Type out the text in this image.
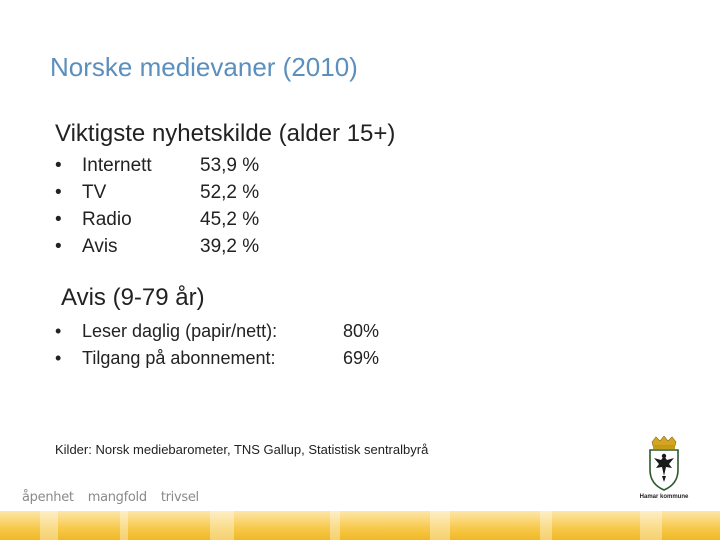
Norske medievaner (2010)
Viktigste nyhetskilde (alder 15+)
•	Internett	53,9 %
•	TV	52,2 %
•	Radio	45,2 %
•	Avis	39,2 %
Avis (9-79 år)
•	Leser daglig (papir/nett):	80%
•	Tilgang på abonnement:	69%
Kilder: Norsk mediebarometer, TNS Gallup, Statistisk sentralbyrå
åpenhet mangfold trivsel	Hamar kommune
